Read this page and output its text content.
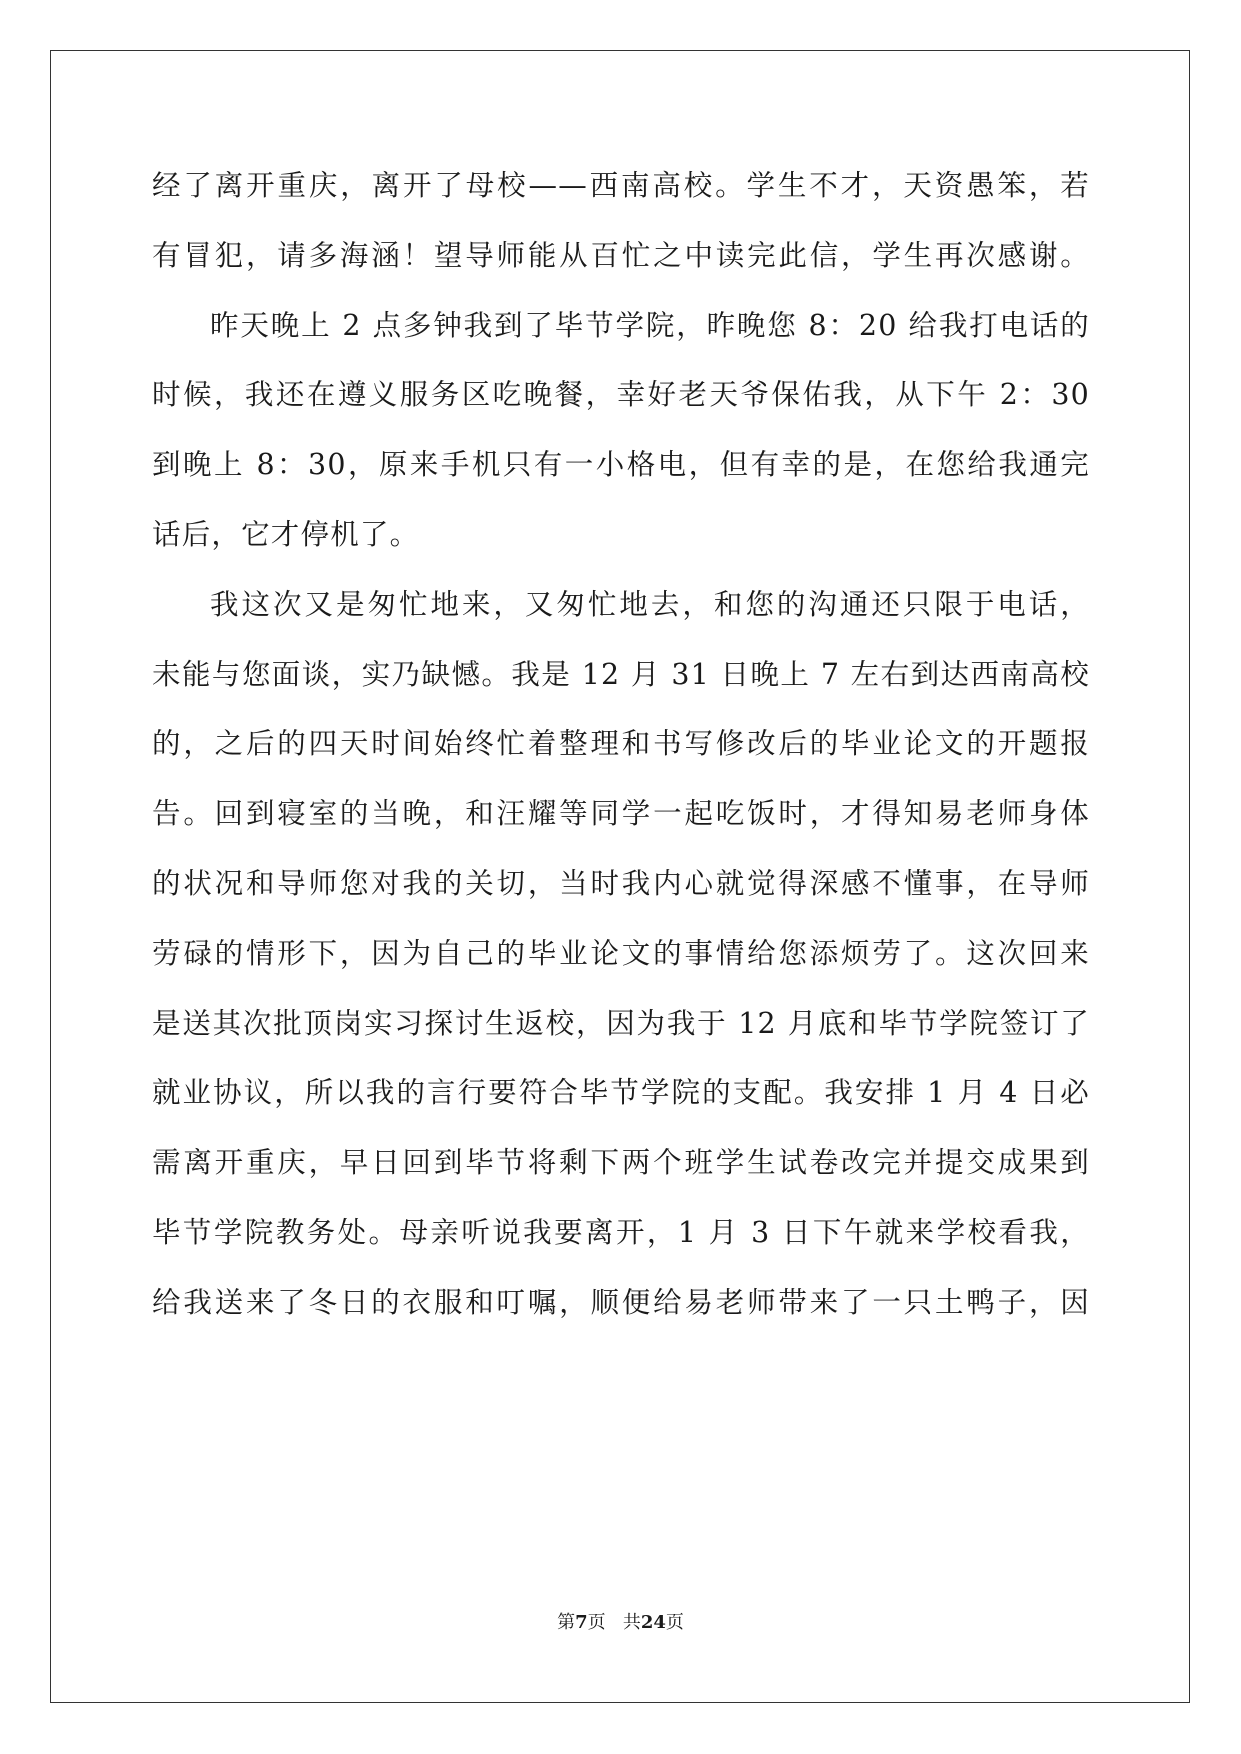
经了离开重庆，离开了母校——西南高校。学生不才，天资愚笨，若
有冒犯，请多海涵！望导师能从百忙之中读完此信，学生再次感谢。
昨天晚上 2 点多钟我到了毕节学院，昨晚您 8：20 给我打电话的
时候，我还在遵义服务区吃晚餐，幸好老天爷保佑我，从下午 2：30
到晚上 8：30，原来手机只有一小格电，但有幸的是，在您给我通完
话后，它才停机了。
我这次又是匆忙地来，又匆忙地去，和您的沟通还只限于电话，
未能与您面谈，实乃缺憾。我是 12 月 31 日晚上 7 左右到达西南高校
的，之后的四天时间始终忙着整理和书写修改后的毕业论文的开题报
告。回到寝室的当晚，和汪耀等同学一起吃饭时，才得知易老师身体
的状况和导师您对我的关切，当时我内心就觉得深感不懂事，在导师
劳碌的情形下，因为自己的毕业论文的事情给您添烦劳了。这次回来
是送其次批顶岗实习探讨生返校，因为我于 12 月底和毕节学院签订了
就业协议，所以我的言行要符合毕节学院的支配。我安排 1 月 4 日必
需离开重庆，早日回到毕节将剩下两个班学生试卷改完并提交成果到
毕节学院教务处。母亲听说我要离开，1 月 3 日下午就来学校看我，
给我送来了冬日的衣服和叮嘱，顺便给易老师带来了一只土鸭子，因
第7页 共24页
